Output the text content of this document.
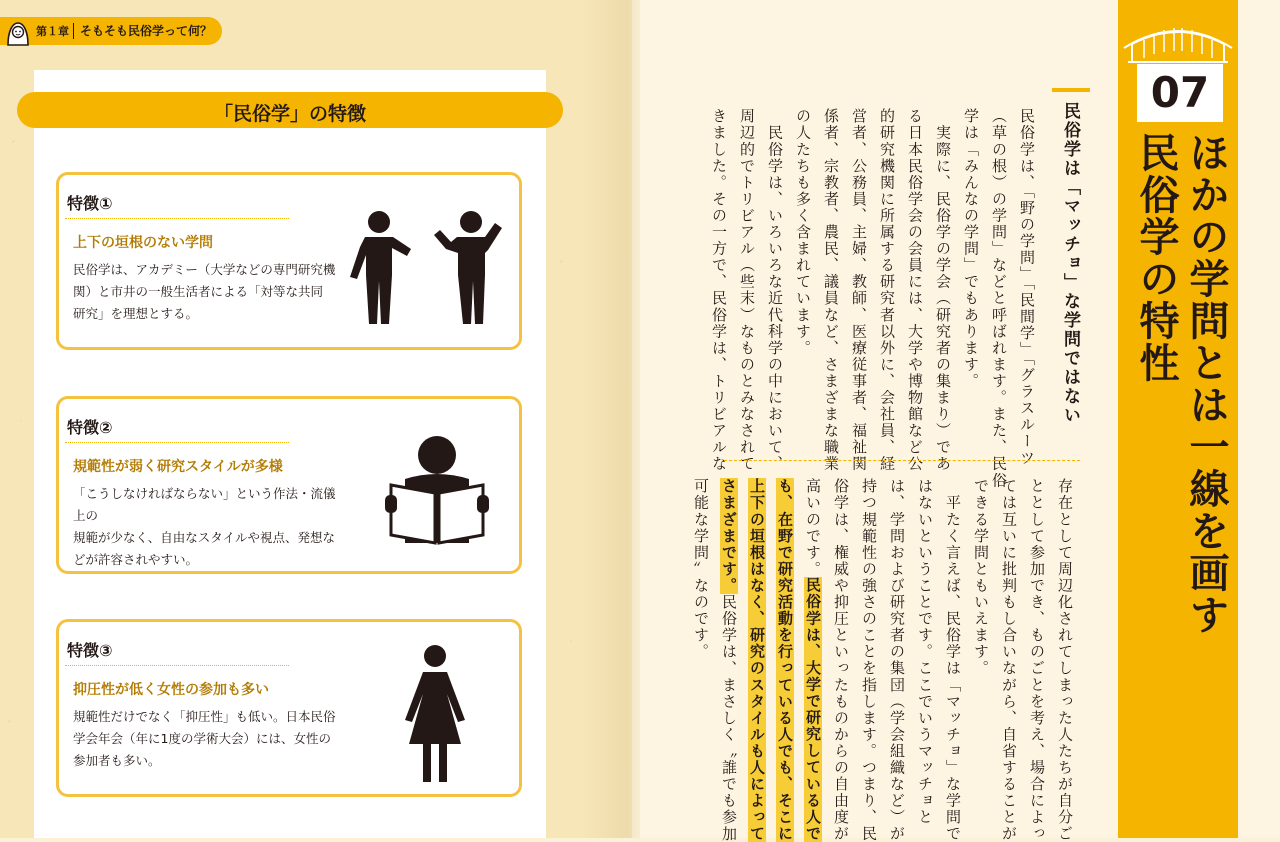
第１章 そもそも民俗学って何？
「民俗学」の特徴
特徴①
上下の垣根のない学問
民俗学は、アカデミー（大学などの専門研究機
関）と市井の一般生活者による「対等な共同
研究」を理想とする。
特徴②
規範性が弱く研究スタイルが多様
「こうしなければならない」という作法・流儀上の
規範が少なく、自由なスタイルや視点、発想な
どが許容されやすい。
特徴③
抑圧性が低く女性の参加も多い
規範性だけでなく「抑圧性」も低い。日本民俗
学会年会（年に1度の学術大会）には、女性の
参加者も多い。
民俗学は、「野の学問」「民間学」「グラスルーツ
（草の根）の学問」などと呼ばれます。また、民俗
学は「みんなの学問」でもあります。
　実際に、民俗学の学会（研究者の集まり）であ
る日本民俗学会の会員には、大学や博物館など公
的研究機関に所属する研究者以外に、会社員、経
営者、公務員、主婦、教師、医療従事者、福祉関
係者、宗教者、農民、議員など、さまざまな職業
の人たちも多く含まれています。
　民俗学は、いろいろな近代科学の中において、
周辺的でトリビアル（些末）なものとみなされて
きました。その一方で、民俗学は、トリビアルな
存在として周辺化されてしまった人たちが自分ご
ととして参加でき、ものごとを考え、場合によっ
ては互いに批判もし合いながら、自省することが
できる学問ともいえます。
　平たく言えば、民俗学は「マッチョ」な学問で
はないということです。ここでいうマッチョと
は、学問および研究者の集団（学会組織など）が
持つ規範性の強さのことを指します。つまり、民
俗学は、権威や抑圧といったものからの自由度が
高いのです。民俗学は、大学で研究している人で
も、在野で研究活動を行っている人でも、そこに
上下の垣根はなく、研究のスタイルも人によって
さまざまです。民俗学は、まさしく〝誰でも参加
可能な学問〟なのです。
民俗学は「マッチョ」な学問ではない
07
ほかの学問とは一線を画す
民俗学の特性
